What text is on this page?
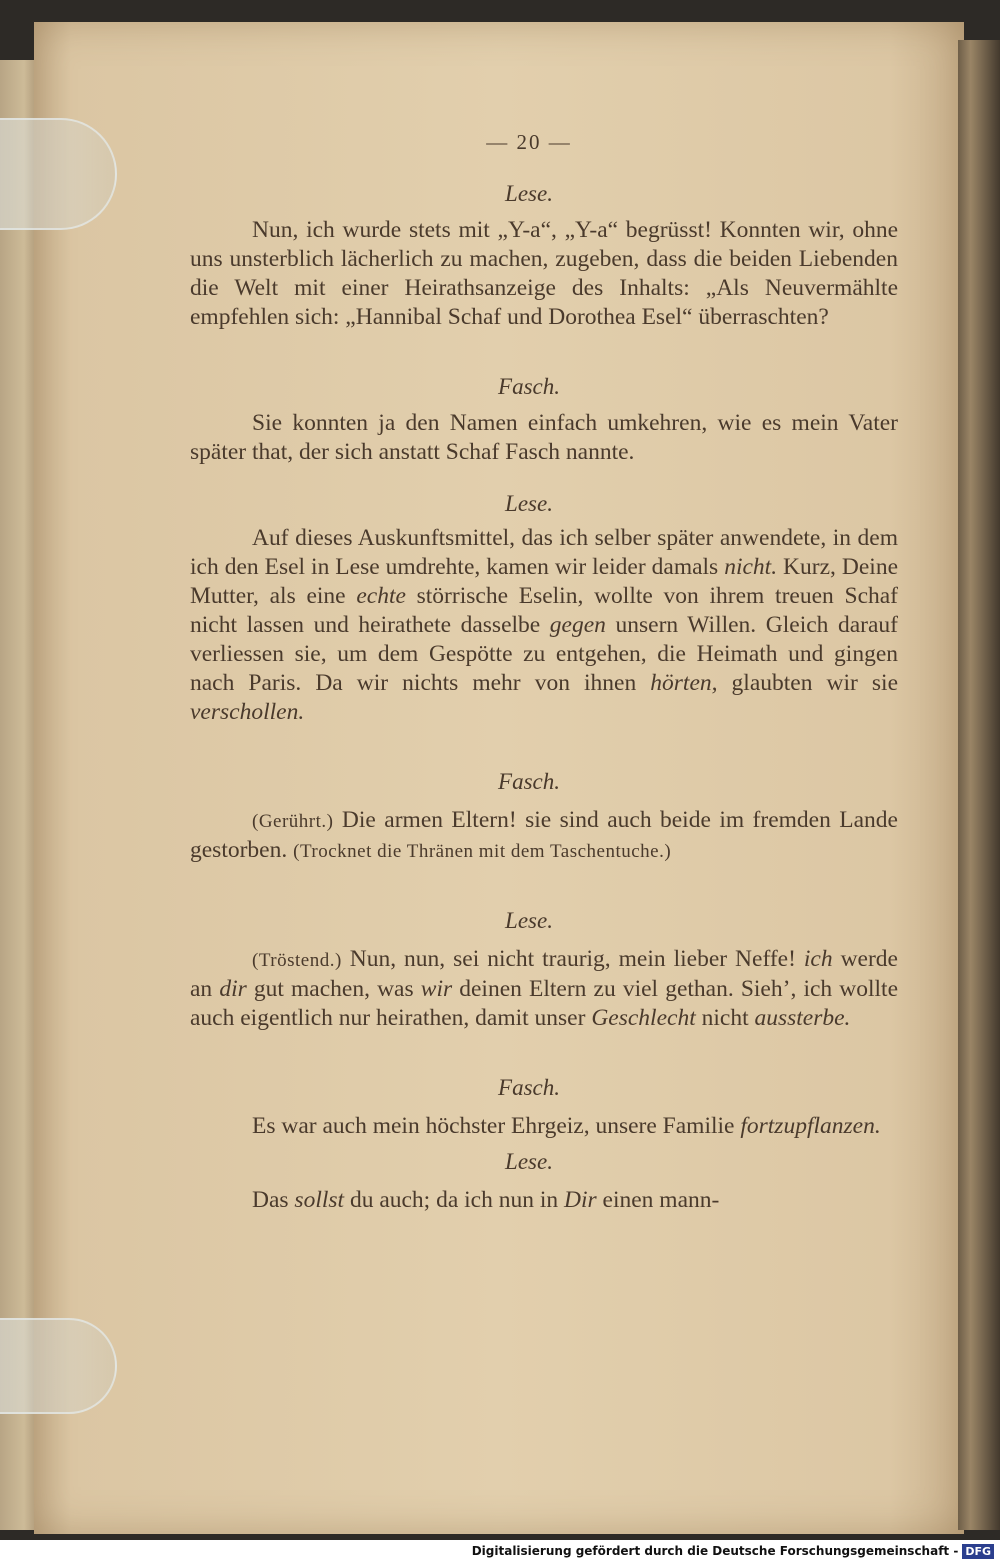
— 20 —
Lese.

Nun, ich wurde stets mit „Y-a“, „Y-a“ begrüsst! Konnten wir, ohne uns unsterblich lächerlich zu machen, zugeben, dass die beiden Liebenden die Welt mit einer Heirathsanzeige des Inhalts: „Als Neuvermählte empfehlen sich: „Hannibal Schaf und Dorothea Esel“ überraschten?

Fasch.

Sie konnten ja den Namen einfach umkehren, wie es mein Vater später that, der sich anstatt Schaf Fasch nannte.

Lese.

Auf dieses Auskunftsmittel, das ich selber später anwendete, in dem ich den Esel in Lese umdrehte, kamen wir leider damals nicht. Kurz, Deine Mutter, als eine echte störrische Eselin, wollte von ihrem treuen Schaf nicht lassen und heirathete dasselbe gegen unsern Willen. Gleich darauf verliessen sie, um dem Gespötte zu entgehen, die Heimath und gingen nach Paris. Da wir nichts mehr von ihnen hörten, glaubten wir sie verschollen.

Fasch.

(Gerührt.) Die armen Eltern! sie sind auch beide im fremden Lande gestorben. (Trocknet die Thränen mit dem Taschentuche.)

Lese.

(Tröstend.) Nun, nun, sei nicht traurig, mein lieber Neffe! ich werde an dir gut machen, was wir deinen Eltern zu viel gethan. Sieh’, ich wollte auch eigentlich nur heirathen, damit unser Geschlecht nicht aussterbe.

Fasch.

Es war auch mein höchster Ehrgeiz, unsere Familie fortzupflanzen.

Lese.

Das sollst du auch; da ich nun in Dir einen mann-

Digitalisierung gefördert durch die Deutsche Forschungsgemeinschaft - DFG
